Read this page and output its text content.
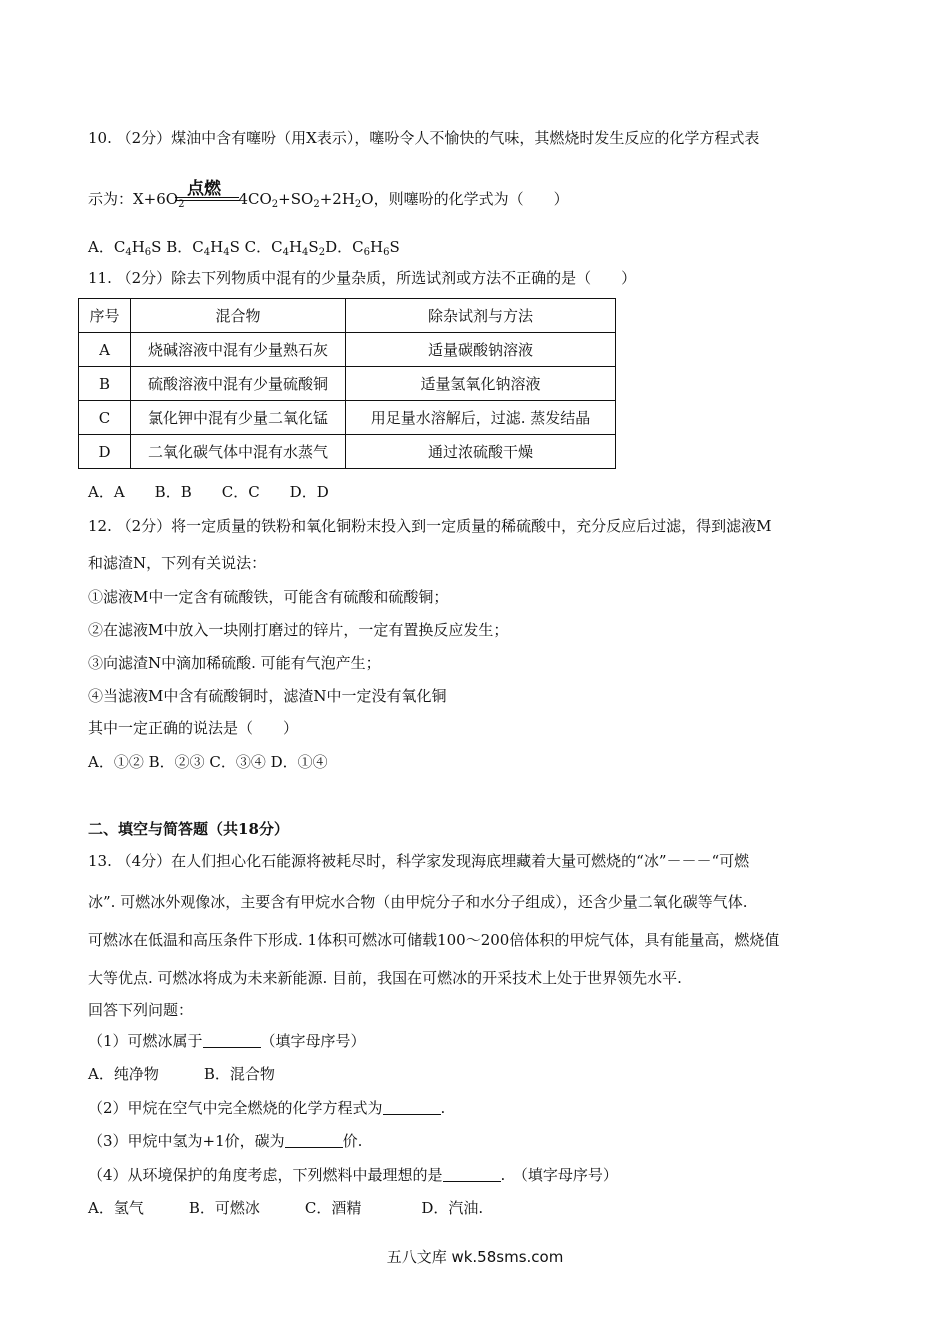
10. （2分）煤油中含有噻吩（用X表示），噻吩令人不愉快的气味，其燃烧时发生反应的化学方程式表
点燃
示为：$X+6O_2$	$4CO_2+SO_2+2H_2O$，则噻吩的化学式为（　　）
A．$C_4H_6S$ B．$C_4H_4S$ C．$C_4H_4S_2D$．$C_6H_6S$
11. （2分）除去下列物质中混有的少量杂质，所选试剂或方法不正确的是（　　）
序号	混合物	除杂试剂与方法
A	烧碱溶液中混有少量熟石灰	适量碳酸钠溶液
B	硫酸溶液中混有少量硫酸铜	适量氢氧化钠溶液
C	氯化钾中混有少量二氧化锰	用足量水溶解后，过滤. 蒸发结晶
D	二氧化碳气体中混有水蒸气	通过浓硫酸干燥
A．A　　B．B　　C．C　　D．D
12. （2分）将一定质量的铁粉和氧化铜粉末投入到一定质量的稀硫酸中，充分反应后过滤，得到滤液M
和滤渣N，下列有关说法：
①滤液M中一定含有硫酸铁，可能含有硫酸和硫酸铜；
②在滤液M中放入一块刚打磨过的锌片，一定有置换反应发生；
③向滤渣N中滴加稀硫酸. 可能有气泡产生；
④当滤液M中含有硫酸铜时，滤渣N中一定没有氧化铜
其中一定正确的说法是（　　）
A．①② B．②③ C．③④ D．①④
二、填空与简答题（共18分）
13. （4分）在人们担心化石能源将被耗尽时，科学家发现海底埋藏着大量可燃烧的“冰”－－－“可燃
冰”. 可燃冰外观像冰，主要含有甲烷水合物（由甲烷分子和水分子组成），还含少量二氧化碳等气体.
可燃冰在低温和高压条件下形成. 1体积可燃冰可储载100～200倍体积的甲烷气体，具有能量高，燃烧值
大等优点. 可燃冰将成为未来新能源. 目前，我国在可燃冰的开采技术上处于世界领先水平.
回答下列问题：
（1）可燃冰属于	（填字母序号）
A．纯净物　　　B．混合物
（2）甲烷在空气中完全燃烧的化学方程式为	.
（3）甲烷中氢为+1价，碳为	价.
（4）从环境保护的角度考虑，下列燃料中最理想的是	.　（填字母序号）
A．氢气　　　B．可燃冰　　　C．酒精　　　　D．汽油.
五八文库 wk.58sms.com
